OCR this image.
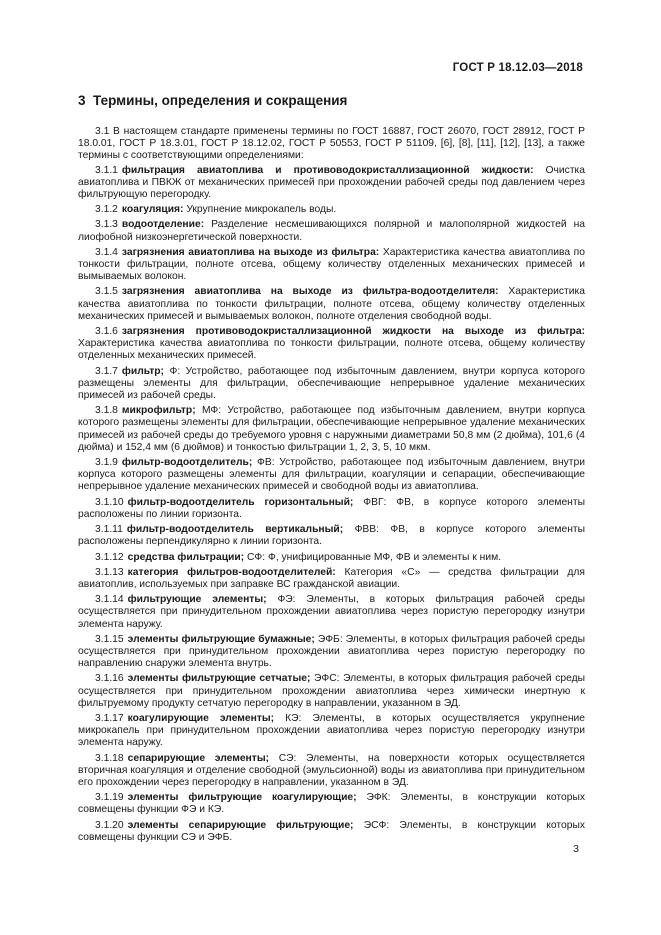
ГОСТ Р 18.12.03—2018
3 Термины, определения и сокращения

3.1 В настоящем стандарте применены термины по ГОСТ 16887, ГОСТ 26070, ГОСТ 28912, ГОСТ Р 18.0.01, ГОСТ Р 18.3.01, ГОСТ Р 18.12.02, ГОСТ Р 50553, ГОСТ Р 51109, [6], [8], [11], [12], [13], а также термины с соответствующими определениями:

3.1.1 фильтрация авиатоплива и противоводокристаллизационной жидкости: Очистка авиатоплива и ПВКЖ от механических примесей при прохождении рабочей среды под давлением через фильтрующую перегородку.

3.1.2 коагуляция: Укрупнение микрокапель воды.

3.1.3 водоотделение: Разделение несмешивающихся полярной и малополярной жидкостей на лиофобной низкоэнергетической поверхности.

3.1.4 загрязнения авиатоплива на выходе из фильтра: Характеристика качества авиатоплива по тонкости фильтрации, полноте отсева, общему количеству отделенных механических примесей и вымываемых волокон.

3.1.5 загрязнения авиатоплива на выходе из фильтра-водоотделителя: Характеристика качества авиатоплива по тонкости фильтрации, полноте отсева, общему количеству отделенных механических примесей и вымываемых волокон, полноте отделения свободной воды.

3.1.6 загрязнения противоводокристаллизационной жидкости на выходе из фильтра: Характеристика качества авиатоплива по тонкости фильтрации, полноте отсева, общему количеству отделенных механических примесей.

3.1.7 фильтр; Ф: Устройство, работающее под избыточным давлением, внутри корпуса которого размещены элементы для фильтрации, обеспечивающие непрерывное удаление механических примесей из рабочей среды.

3.1.8 микрофильтр; МФ: Устройство, работающее под избыточным давлением, внутри корпуса которого размещены элементы для фильтрации, обеспечивающие непрерывное удаление механических примесей из рабочей среды до требуемого уровня с наружными диаметрами 50,8 мм (2 дюйма), 101,6 (4 дюйма) и 152,4 мм (6 дюймов) и тонкостью фильтрации 1, 2, 3, 5, 10 мкм.

3.1.9 фильтр-водоотделитель; ФВ: Устройство, работающее под избыточным давлением, внутри корпуса которого размещены элементы для фильтрации, коагуляции и сепарации, обеспечивающие непрерывное удаление механических примесей и свободной воды из авиатоплива.

3.1.10 фильтр-водоотделитель горизонтальный; ФВГ: ФВ, в корпусе которого элементы расположены по линии горизонта.

3.1.11 фильтр-водоотделитель вертикальный; ФВВ: ФВ, в корпусе которого элементы расположены перпендикулярно к линии горизонта.

3.1.12 средства фильтрации; СФ: Ф, унифицированные МФ, ФВ и элементы к ним.

3.1.13 категория фильтров-водоотделителей: Категория «С» — средства фильтрации для авиатоплив, используемых при заправке ВС гражданской авиации.

3.1.14 фильтрующие элементы; ФЭ: Элементы, в которых фильтрация рабочей среды осуществляется при принудительном прохождении авиатоплива через пористую перегородку изнутри элемента наружу.

3.1.15 элементы фильтрующие бумажные; ЭФБ: Элементы, в которых фильтрация рабочей среды осуществляется при принудительном прохождении авиатоплива через пористую перегородку по направлению снаружи элемента внутрь.

3.1.16 элементы фильтрующие сетчатые; ЭФС: Элементы, в которых фильтрация рабочей среды осуществляется при принудительном прохождении авиатоплива через химически инертную к фильтруемому продукту сетчатую перегородку в направлении, указанном в ЭД.

3.1.17 коагулирующие элементы; КЭ: Элементы, в которых осуществляется укрупнение микрокапель при принудительном прохождении авиатоплива через пористую перегородку изнутри элемента наружу.

3.1.18 сепарирующие элементы; СЭ: Элементы, на поверхности которых осуществляется вторичная коагуляция и отделение свободной (эмульсионной) воды из авиатоплива при принудительном его прохождении через перегородку в направлении, указанном в ЭД.

3.1.19 элементы фильтрующие коагулирующие; ЭФК: Элементы, в конструкции которых совмещены функции ФЭ и КЭ.

3.1.20 элементы сепарирующие фильтрующие; ЭСФ: Элементы, в конструкции которых совмещены функции СЭ и ЭФБ.

3
